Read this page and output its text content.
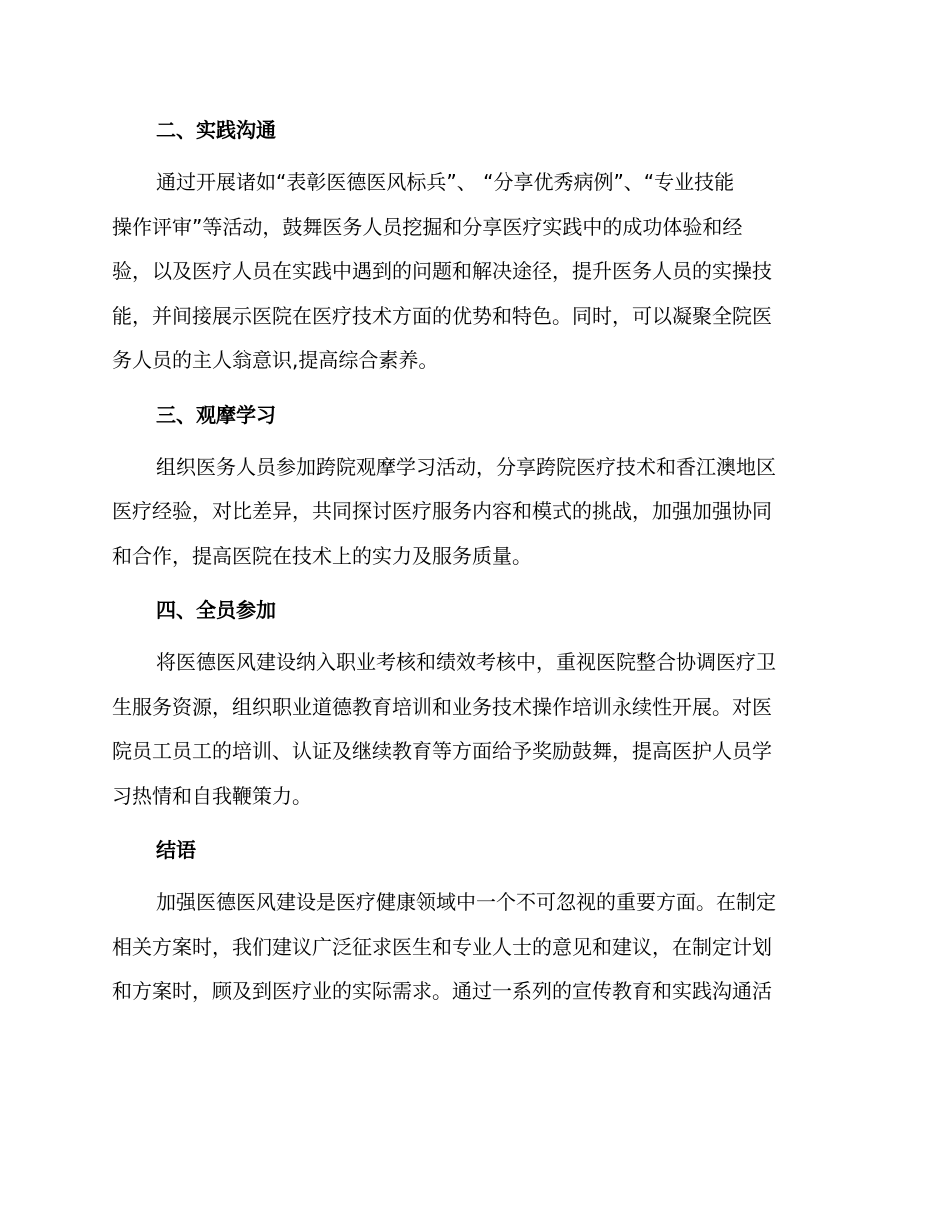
二、实践沟通
通过开展诸如“表彰医德医风标兵”、 “分享优秀病例”、“专业技能
操作评审”等活动，鼓舞医务人员挖掘和分享医疗实践中的成功体验和经
验，以及医疗人员在实践中遇到的问题和解决途径，提升医务人员的实操技
能，并间接展示医院在医疗技术方面的优势和特色。同时，可以凝聚全院医
务人员的主人翁意识,提高综合素养。
三、观摩学习
组织医务人员参加跨院观摩学习活动，分享跨院医疗技术和香江澳地区
医疗经验，对比差异，共同探讨医疗服务内容和模式的挑战，加强加强协同
和合作，提高医院在技术上的实力及服务质量。
四、全员参加
将医德医风建设纳入职业考核和绩效考核中，重视医院整合协调医疗卫
生服务资源，组织职业道德教育培训和业务技术操作培训永续性开展。对医
院员工员工的培训、认证及继续教育等方面给予奖励鼓舞，提高医护人员学
习热情和自我鞭策力。
结语
加强医德医风建设是医疗健康领域中一个不可忽视的重要方面。在制定
相关方案时，我们建议广泛征求医生和专业人士的意见和建议，在制定计划
和方案时，顾及到医疗业的实际需求。通过一系列的宣传教育和实践沟通活
